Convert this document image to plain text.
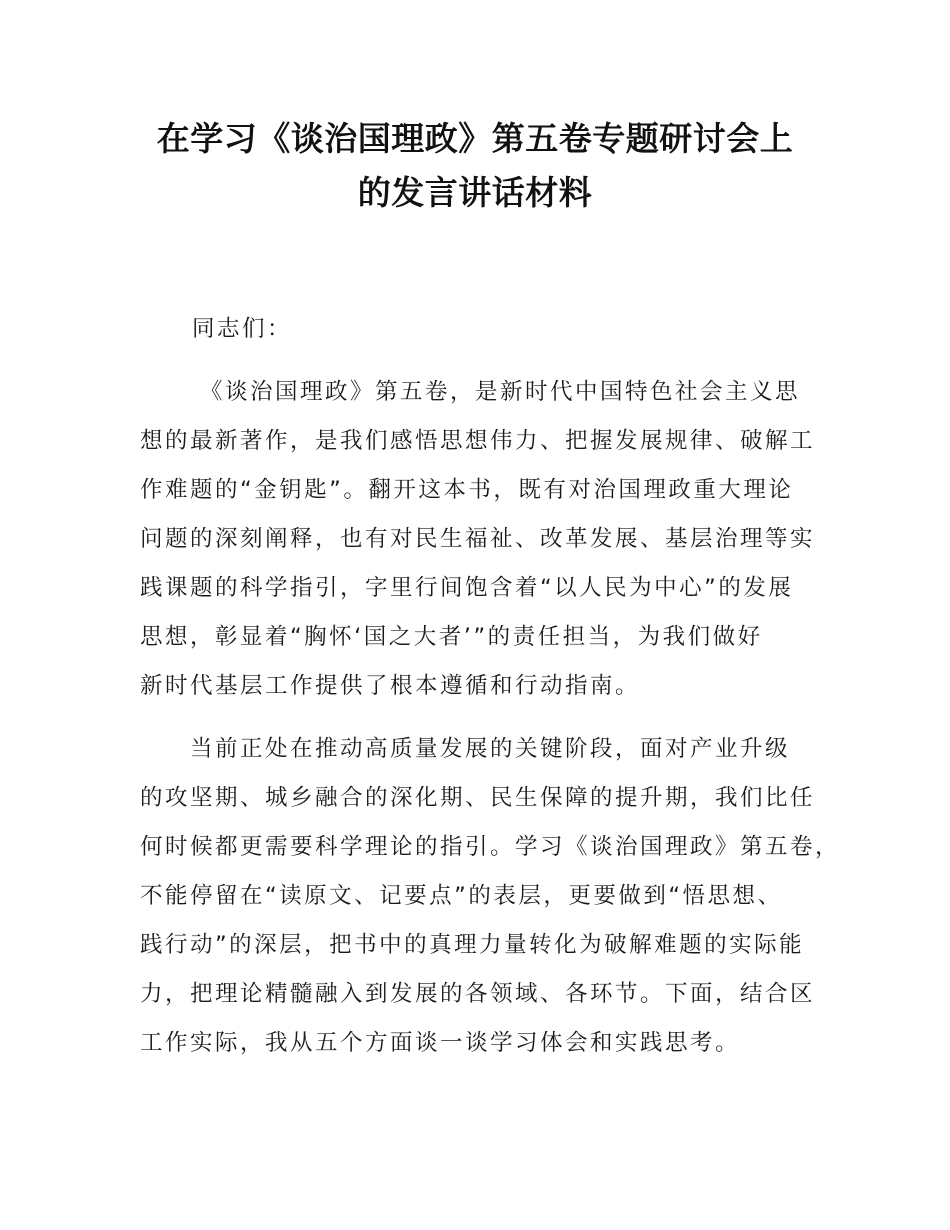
在学习《谈治国理政》第五卷专题研讨会上
的发言讲话材料

同志们：

《谈治国理政》第五卷，是新时代中国特色社会主义思
想的最新著作，是我们感悟思想伟力、把握发展规律、破解工
作难题的“金钥匙”。翻开这本书，既有对治国理政重大理论
问题的深刻阐释，也有对民生福祉、改革发展、基层治理等实
践课题的科学指引，字里行间饱含着“以人民为中心”的发展
思想，彰显着“胸怀‘国之大者’”的责任担当，为我们做好
新时代基层工作提供了根本遵循和行动指南。

当前正处在推动高质量发展的关键阶段，面对产业升级
的攻坚期、城乡融合的深化期、民生保障的提升期，我们比任
何时候都更需要科学理论的指引。学习《谈治国理政》第五卷，
不能停留在“读原文、记要点”的表层，更要做到“悟思想、
践行动”的深层，把书中的真理力量转化为破解难题的实际能
力，把理论精髓融入到发展的各领域、各环节。下面，结合区
工作实际，我从五个方面谈一谈学习体会和实践思考。
